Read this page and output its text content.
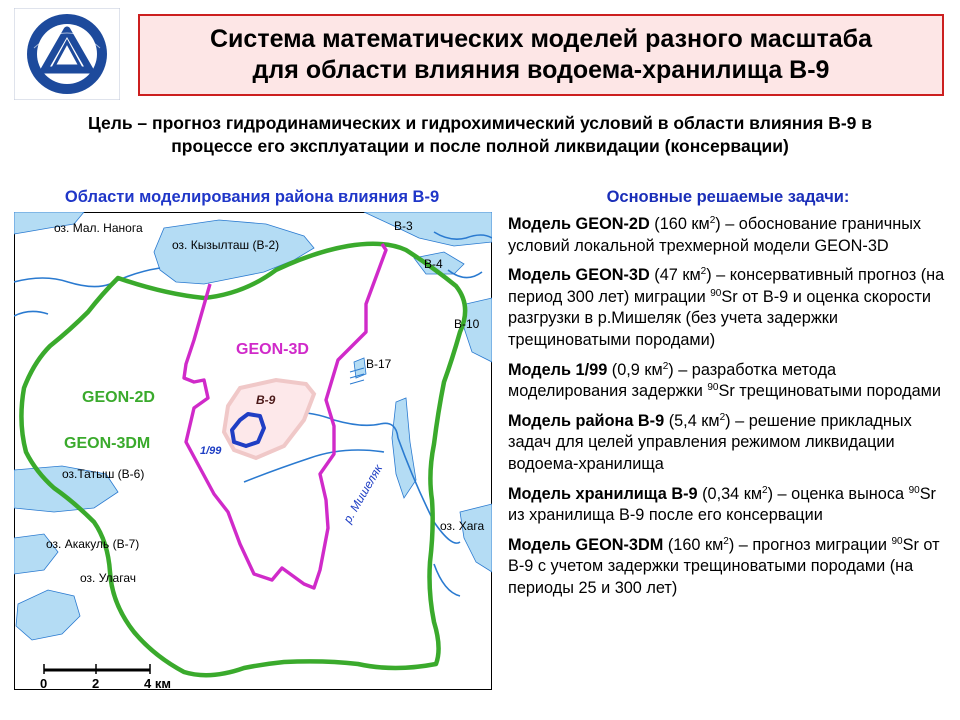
Система математических моделей разного масштаба
для области влияния водоема-хранилища В-9
Цель – прогноз гидродинамических и гидрохимический условий в области влияния В-9 в
процессе его эксплуатации и после полной ликвидации (консервации)
Области моделирования района влияния В-9
оз. Мал. Нанога
оз. Кызылташ (В-2)
В-3
В-4
В-10
В-17
оз.Татыш (В-6)
оз. Акакуль (В-7)
оз. Улагач
оз. Хага
р. Мишеляк
GEON-3D
GEON-2D
GEON-3DM
В-9
1/99
0	2	4 км
Основные решаемые задачи:
Модель GEON-2D (160 $км^2$) – обоснование граничных условий локальной трехмерной модели GEON-3D
Модель GEON-3D (47 $км^2$) – консервативный прогноз (на период 300 лет) миграции $^{90}$Sr от В-9 и оценка скорости разгрузки в р.Мишеляк (без учета задержки трещиноватыми породами)
Модель 1/99 (0,9 $км^2$) – разработка метода моделирования задержки $^{90}$Sr трещиноватыми породами
Модель района В-9 (5,4 $км^2$) – решение прикладных задач для целей управления режимом ликвидации водоема-хранилища
Модель хранилища В-9 (0,34 $км^2$) – оценка выноса $^{90}$Sr из хранилища В-9 после его консервации
Модель GEON-3DM (160 $км^2$) – прогноз миграции $^{90}$Sr от В-9 с учетом задержки трещиноватыми породами (на периоды 25 и 300 лет)
